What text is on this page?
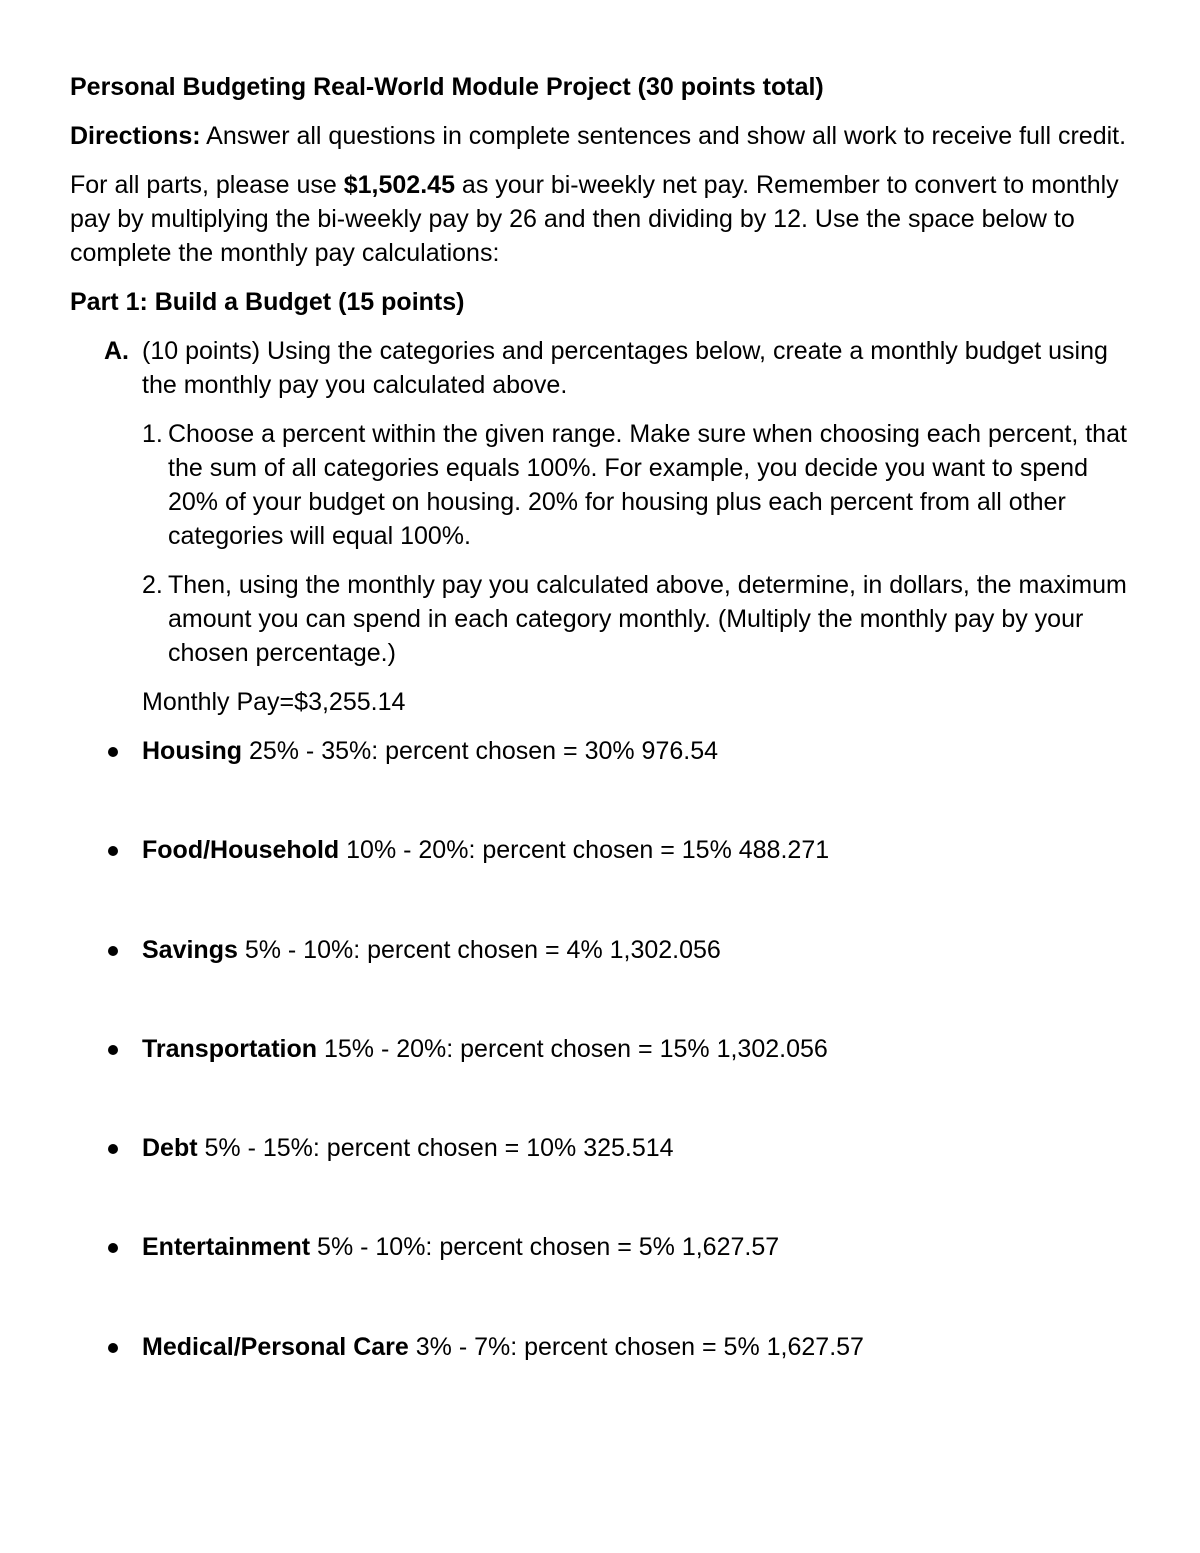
Personal Budgeting Real-World Module Project (30 points total)
Directions: Answer all questions in complete sentences and show all work to receive full credit.
For all parts, please use $1,502.45 as your bi-weekly net pay. Remember to convert to monthly pay by multiplying the bi-weekly pay by 26 and then dividing by 12. Use the space below to complete the monthly pay calculations:
Part 1: Build a Budget (15 points)
A. (10 points) Using the categories and percentages below, create a monthly budget using the monthly pay you calculated above.
1. Choose a percent within the given range. Make sure when choosing each percent, that the sum of all categories equals 100%. For example, you decide you want to spend 20% of your budget on housing. 20% for housing plus each percent from all other categories will equal 100%.
2. Then, using the monthly pay you calculated above, determine, in dollars, the maximum amount you can spend in each category monthly. (Multiply the monthly pay by your chosen percentage.)
Monthly Pay=$3,255.14
Housing 25% - 35%: percent chosen = 30% 976.54
Food/Household 10% - 20%: percent chosen = 15% 488.271
Savings 5% - 10%: percent chosen = 4% 1,302.056
Transportation 15% - 20%: percent chosen = 15% 1,302.056
Debt 5% - 15%: percent chosen = 10% 325.514
Entertainment 5% - 10%: percent chosen = 5% 1,627.57
Medical/Personal Care 3% - 7%: percent chosen = 5% 1,627.57
